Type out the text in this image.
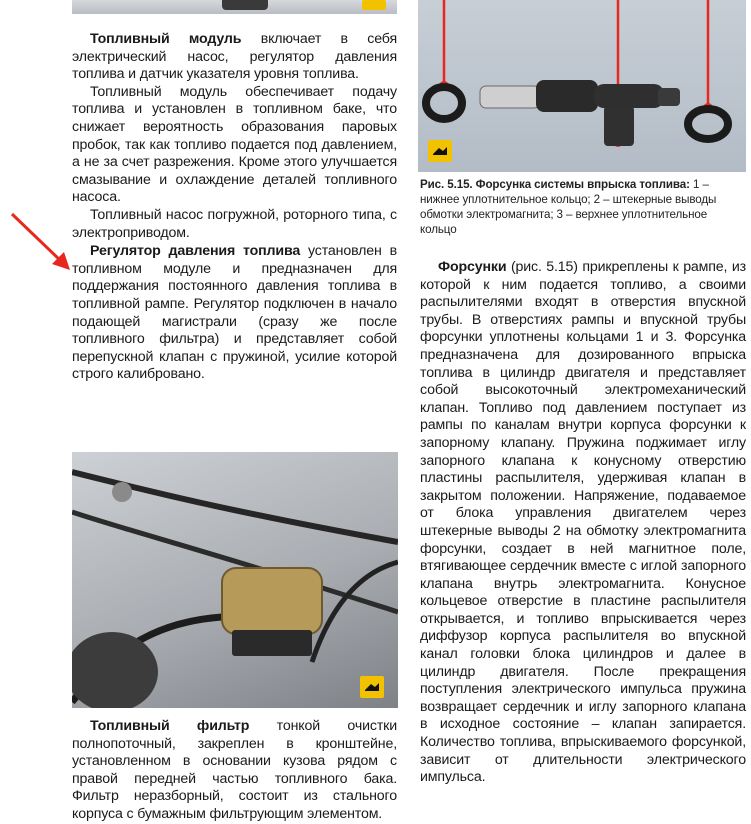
Топливный модуль включает в себя электрический насос, регулятор давления топлива и датчик указателя уровня топлива.

Топливный модуль обеспечивает подачу топлива и установлен в топливном баке, что снижает вероятность образования паровых пробок, так как топливо подается под давлением, а не за счет разрежения. Кроме этого улучшается смазывание и охлаждение деталей топливного насоса.

Топливный насос погружной, роторного типа, с электроприводом.

Регулятор давления топлива установлен в топливном модуле и предназначен для поддержания постоянного давления топлива в топливной рампе. Регулятор подключен в начало подающей магистрали (сразу же после топливного фильтра) и представляет собой перепускной клапан с пружиной, усилие которой строго калибровано.

Топливный фильтр тонкой очистки полнопоточный, закреплен в кронштейне, установленном в основании кузова рядом с правой передней частью топливного бака. Фильтр неразборный, состоит из стального корпуса с бумажным фильтрующим элементом.

Рис. 5.15. Форсунка системы впрыска топлива: 1 – нижнее уплотнительное кольцо; 2 – штекерные выводы обмотки электромагнита; 3 – верхнее уплотнительное кольцо

Форсунки (рис. 5.15) прикреплены к рампе, из которой к ним подается топливо, а своими распылителями входят в отверстия впускной трубы. В отверстиях рампы и впускной трубы форсунки уплотнены кольцами 1 и 3. Форсунка предназначена для дозированного впрыска топлива в цилиндр двигателя и представляет собой высокоточный электромеханический клапан. Топливо под давлением поступает из рампы по каналам внутри корпуса форсунки к запорному клапану. Пружина поджимает иглу запорного клапана к конусному отверстию пластины распылителя, удерживая клапан в закрытом положении. Напряжение, подаваемое от блока управления двигателем через штекерные выводы 2 на обмотку электромагнита форсунки, создает в ней магнитное поле, втягивающее сердечник вместе с иглой запорного клапана внутрь электромагнита. Конусное кольцевое отверстие в пластине распылителя открывается, и топливо впрыскивается через диффузор корпуса распылителя во впускной канал головки блока цилиндров и далее в цилиндр двигателя. После прекращения поступления электрического импульса пружина возвращает сердечник и иглу запорного клапана в исходное состояние – клапан запирается. Количество топлива, впрыскиваемого форсункой, зависит от длительности электрического импульса.
